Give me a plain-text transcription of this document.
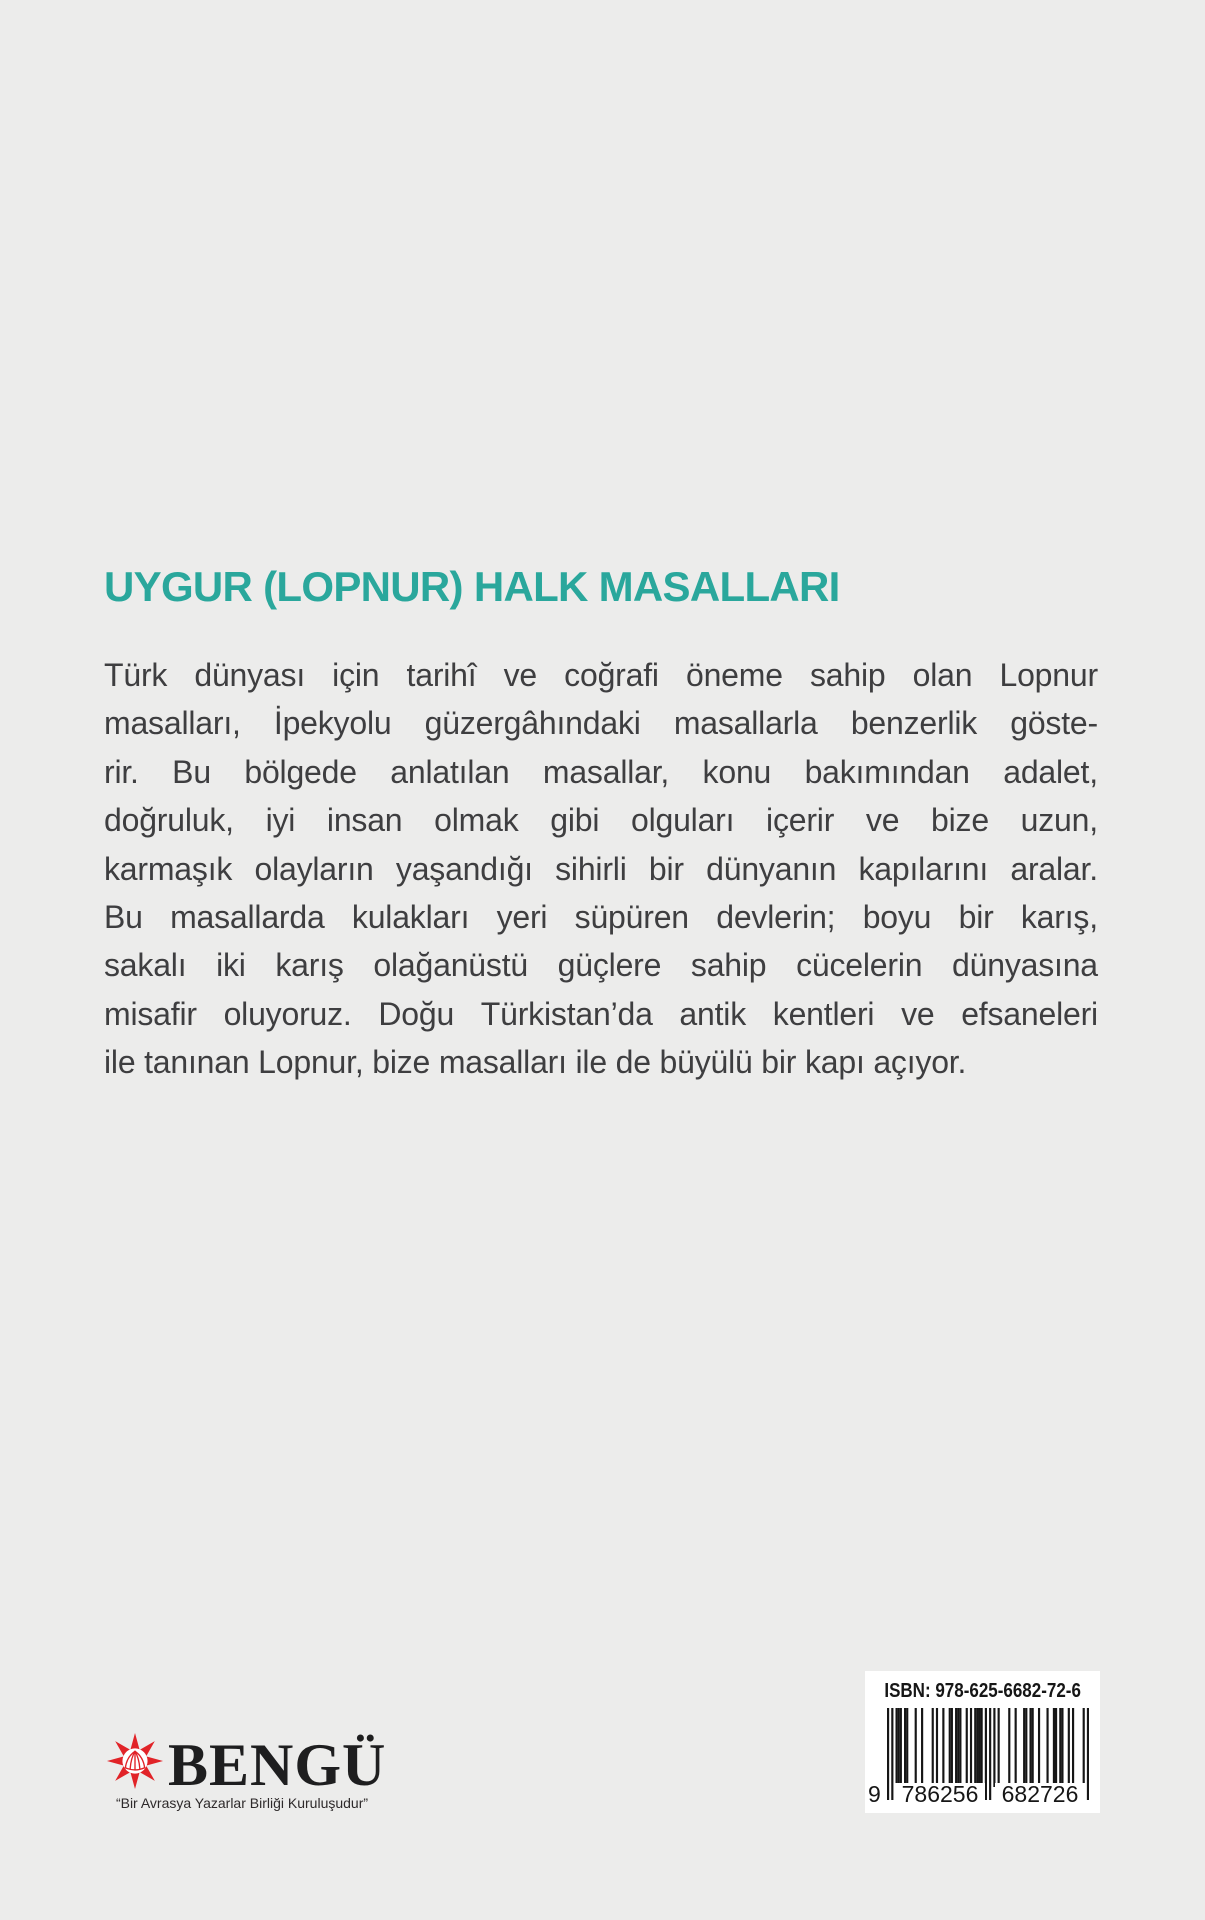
UYGUR (LOPNUR) HALK MASALLARI
Türk dünyası için tarihî ve coğrafi öneme sahip olan Lopnur
masalları, İpekyolu güzergâhındaki masallarla benzerlik göste-
rir. Bu bölgede anlatılan masallar, konu bakımından adalet,
doğruluk, iyi insan olmak gibi olguları içerir ve bize uzun,
karmaşık olayların yaşandığı sihirli bir dünyanın kapılarını aralar.
Bu masallarda kulakları yeri süpüren devlerin; boyu bir karış,
sakalı iki karış olağanüstü güçlere sahip cücelerin dünyasına
misafir oluyoruz. Doğu Türkistan’da antik kentleri ve efsaneleri
ile tanınan Lopnur, bize masalları ile de büyülü bir kapı açıyor.
BENGÜ
“Bir Avrasya Yazarlar Birliği Kuruluşudur”
ISBN: 978-625-6682-72-6
9 786256 682726
